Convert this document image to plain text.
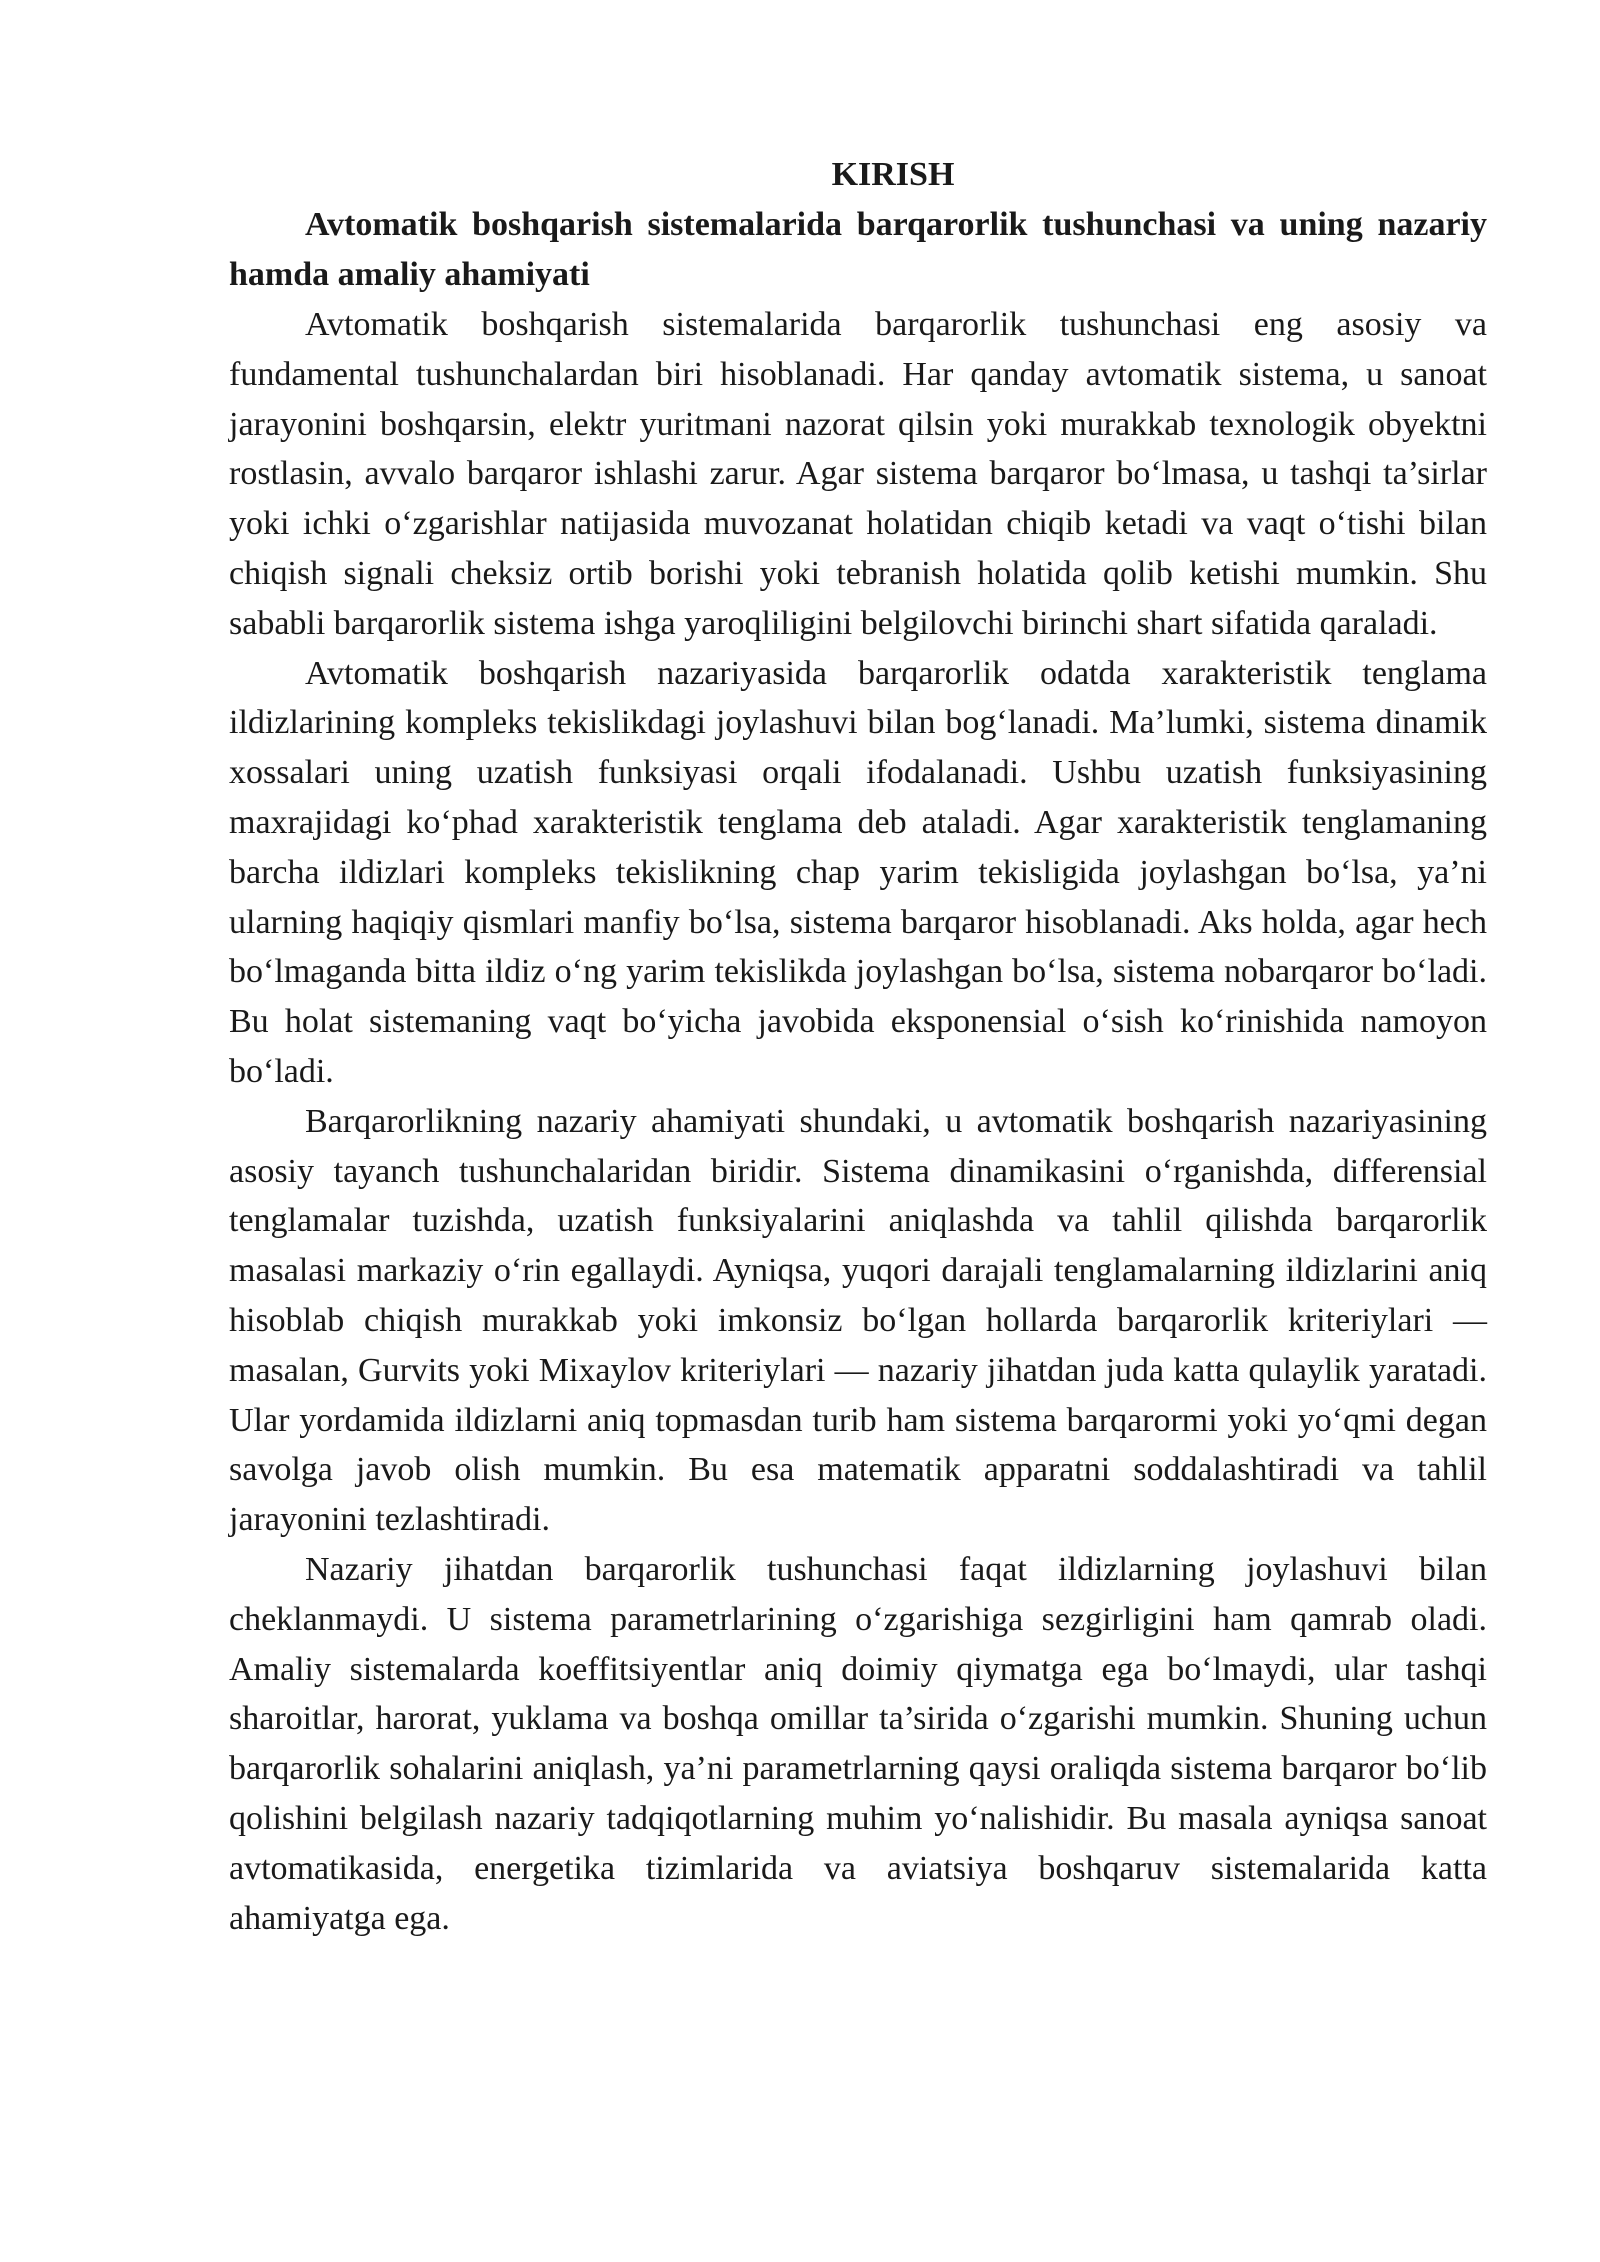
KIRISH
Avtomatik boshqarish sistemalarida barqarorlik tushunchasi va uning nazariy hamda amaliy ahamiyati

Avtomatik boshqarish sistemalarida barqarorlik tushunchasi eng asosiy va fundamental tushunchalardan biri hisoblanadi. Har qanday avtomatik sistema, u sanoat jarayonini boshqarsin, elektr yuritmani nazorat qilsin yoki murakkab texnologik obyektni rostlasin, avvalo barqaror ishlashi zarur. Agar sistema barqaror bo‘lmasa, u tashqi ta’sirlar yoki ichki o‘zgarishlar natijasida muvozanat holatidan chiqib ketadi va vaqt o‘tishi bilan chiqish signali cheksiz ortib borishi yoki tebranish holatida qolib ketishi mumkin. Shu sababli barqarorlik sistema ishga yaroqliligini belgilovchi birinchi shart sifatida qaraladi.

Avtomatik boshqarish nazariyasida barqarorlik odatda xarakteristik tenglama ildizlarining kompleks tekislikdagi joylashuvi bilan bog‘lanadi. Ma’lumki, sistema dinamik xossalari uning uzatish funksiyasi orqali ifodalanadi. Ushbu uzatish funksiyasining maxrajidagi ko‘phad xarakteristik tenglama deb ataladi. Agar xarakteristik tenglamaning barcha ildizlari kompleks tekislikning chap yarim tekisligida joylashgan bo‘lsa, ya’ni ularning haqiqiy qismlari manfiy bo‘lsa, sistema barqaror hisoblanadi. Aks holda, agar hech bo‘lmaganda bitta ildiz o‘ng yarim tekislikda joylashgan bo‘lsa, sistema nobarqaror bo‘ladi. Bu holat sistemaning vaqt bo‘yicha javobida eksponensial o‘sish ko‘rinishida namoyon bo‘ladi.

Barqarorlikning nazariy ahamiyati shundaki, u avtomatik boshqarish nazariyasining asosiy tayanch tushunchalaridan biridir. Sistema dinamikasini o‘rganishda, differensial tenglamalar tuzishda, uzatish funksiyalarini aniqlashda va tahlil qilishda barqarorlik masalasi markaziy o‘rin egallaydi. Ayniqsa, yuqori darajali tenglamalarning ildizlarini aniq hisoblab chiqish murakkab yoki imkonsiz bo‘lgan hollarda barqarorlik kriteriylari — masalan, Gurvits yoki Mixaylov kriteriylari — nazariy jihatdan juda katta qulaylik yaratadi. Ular yordamida ildizlarni aniq topmasdan turib ham sistema barqarormi yoki yo‘qmi degan savolga javob olish mumkin. Bu esa matematik apparatni soddalashtiradi va tahlil jarayonini tezlashtiradi.

Nazariy jihatdan barqarorlik tushunchasi faqat ildizlarning joylashuvi bilan cheklanmaydi. U sistema parametrlarining o‘zgarishiga sezgirligini ham qamrab oladi. Amaliy sistemalarda koeffitsiyentlar aniq doimiy qiymatga ega bo‘lmaydi, ular tashqi sharoitlar, harorat, yuklama va boshqa omillar ta’sirida o‘zgarishi mumkin. Shuning uchun barqarorlik sohalarini aniqlash, ya’ni parametrlarning qaysi oraliqda sistema barqaror bo‘lib qolishini belgilash nazariy tadqiqotlarning muhim yo‘nalishidir. Bu masala ayniqsa sanoat avtomatikasida, energetika tizimlarida va aviatsiya boshqaruv sistemalarida katta ahamiyatga ega.
